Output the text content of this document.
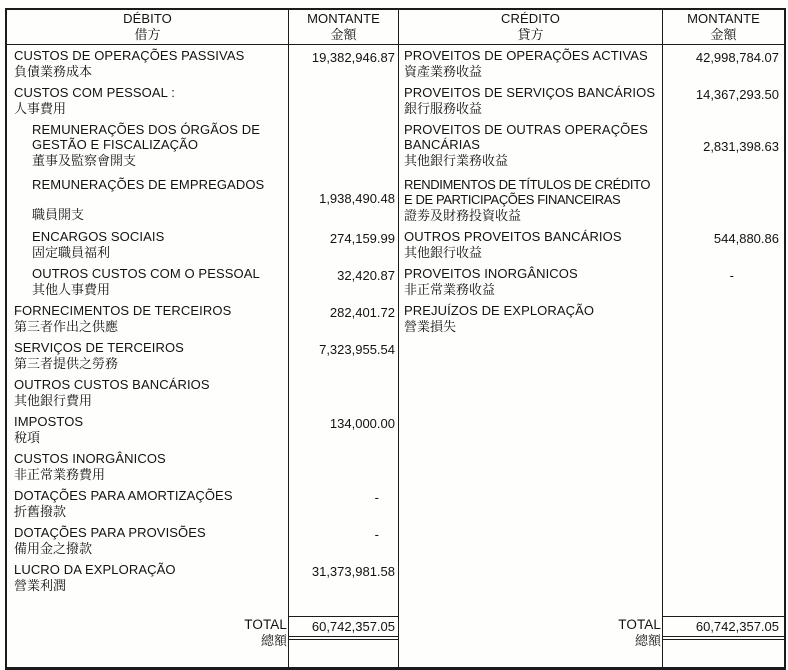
DÉBITO
借方
MONTANTE
金額
CRÉDITO
貸方
MONTANTE
金額
CUSTOS DE OPERAÇÕES PASSIVAS
負債業務成本
19,382,946.87 PROVEITOS DE OPERAÇÕES ACTIVAS
資產業務收益
42,998,784.07
CUSTOS COM PESSOAL :
人事費用
PROVEITOS DE SERVIÇOS BANCÁRIOS
銀行服務收益
14,367,293.50
REMUNERAÇÕES DOS ÓRGÃOS DE GESTÃO E FISCALIZAÇÃO
董事及監察會開支
PROVEITOS DE OUTRAS OPERAÇÕES BANCÁRIAS
其他銀行業務收益
2,831,398.63
REMUNERAÇÕES DE EMPREGADOS
職員開支
1,938,490.48
RENDIMENTOS DE TÍTULOS DE CRÉDITO E DE PARTICIPAÇÕES FINANCEIRAS
證劵及財務投資收益
ENCARGOS SOCIAIS
固定職員福利
274,159.99 OUTROS PROVEITOS BANCÁRIOS
其他銀行收益
544,880.86
OUTROS CUSTOS COM O PESSOAL
其他人事費用
32,420.87 PROVEITOS INORGÂNICOS
非正常業務收益
-
FORNECIMENTOS DE TERCEIROS
第三者作出之供應
282,401.72 PREJUÍZOS DE EXPLORAÇÃO
營業損失
SERVIÇOS DE TERCEIROS
第三者提供之勞務
7,323,955.54
OUTROS CUSTOS BANCÁRIOS
其他銀行費用
IMPOSTOS
稅項
134,000.00
CUSTOS INORGÂNICOS
非正常業務費用
DOTAÇÕES PARA AMORTIZAÇÕES
折舊撥款
-
DOTAÇÕES PARA PROVISÕES
備用金之撥款
-
LUCRO DA EXPLORAÇÃO
營業利潤
31,373,981.58
TOTAL
總額
60,742,357.05	TOTAL
總額
60,742,357.05
